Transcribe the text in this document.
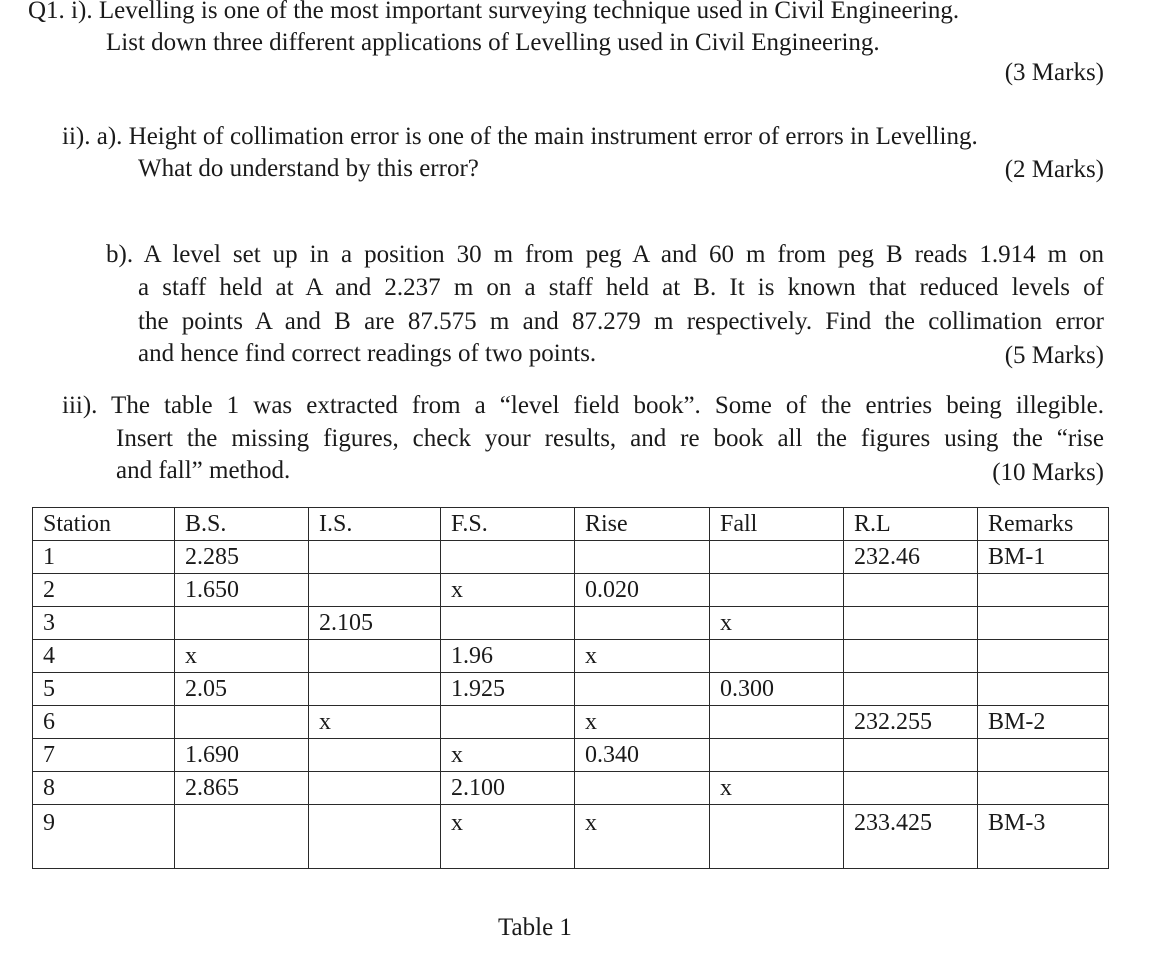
Q1. i). Levelling is one of the most important surveying technique used in Civil Engineering.
List down three different applications of Levelling used in Civil Engineering.
(3 Marks)
ii). a). Height of collimation error is one of the main instrument error of errors in Levelling.
What do understand by this error?	(2 Marks)
b). A level set up in a position 30 m from peg A and 60 m from peg B reads 1.914 m on
a staff held at A and 2.237 m on a staff held at B. It is known that reduced levels of
the points A and B are 87.575 m and 87.279 m respectively. Find the collimation error
and hence find correct readings of two points.	(5 Marks)
iii). The table 1 was extracted from a “level field book”. Some of the entries being illegible.
Insert the missing figures, check your results, and re book all the figures using the “rise
and fall” method.	(10 Marks)
Station	B.S.	I.S.	F.S.	Rise	Fall	R.L	Remarks
1	2.285					232.46	BM-1
2	1.650		x	0.020			
3		2.105			x		
4	x		1.96	x			
5	2.05		1.925		0.300		
6		x		x		232.255	BM-2
7	1.690		x	0.340			
8	2.865		2.100		x		
9			x	x		233.425	BM-3
Table 1
